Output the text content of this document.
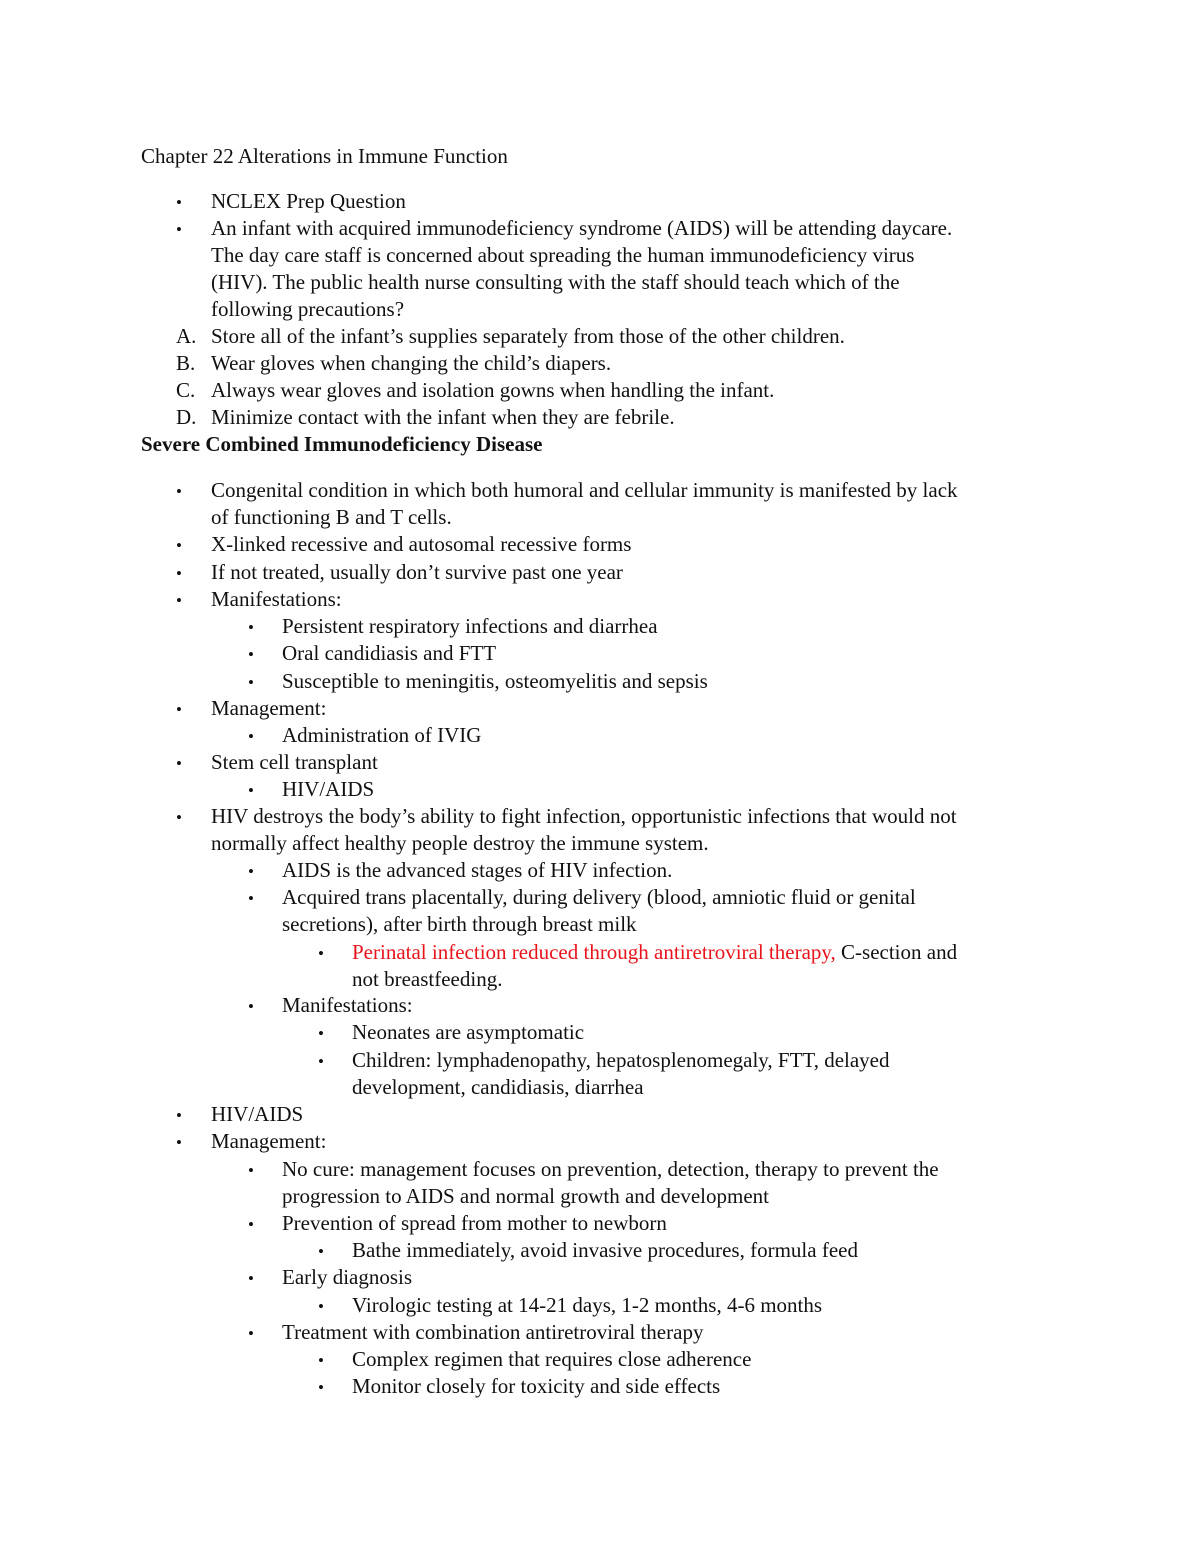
Chapter 22 Alterations in Immune Function
• NCLEX Prep Question
• An infant with acquired immunodeficiency syndrome (AIDS) will be attending daycare.
The day care staff is concerned about spreading the human immunodeficiency virus
(HIV). The public health nurse consulting with the staff should teach which of the
following precautions?
A. Store all of the infant’s supplies separately from those of the other children.
B. Wear gloves when changing the child’s diapers.
C. Always wear gloves and isolation gowns when handling the infant.
D. Minimize contact with the infant when they are febrile.
Severe Combined Immunodeficiency Disease
• Congenital condition in which both humoral and cellular immunity is manifested by lack
of functioning B and T cells.
• X-linked recessive and autosomal recessive forms
• If not treated, usually don’t survive past one year
• Manifestations:
• Persistent respiratory infections and diarrhea
• Oral candidiasis and FTT
• Susceptible to meningitis, osteomyelitis and sepsis
• Management:
• Administration of IVIG
• Stem cell transplant
• HIV/AIDS
• HIV destroys the body’s ability to fight infection, opportunistic infections that would not
normally affect healthy people destroy the immune system.
• AIDS is the advanced stages of HIV infection.
• Acquired trans placentally, during delivery (blood, amniotic fluid or genital
secretions), after birth through breast milk
• Perinatal infection reduced through antiretroviral therapy, C-section and
not breastfeeding.
• Manifestations:
• Neonates are asymptomatic
• Children: lymphadenopathy, hepatosplenomegaly, FTT, delayed
development, candidiasis, diarrhea
• HIV/AIDS
• Management:
• No cure: management focuses on prevention, detection, therapy to prevent the
progression to AIDS and normal growth and development
• Prevention of spread from mother to newborn
• Bathe immediately, avoid invasive procedures, formula feed
• Early diagnosis
• Virologic testing at 14-21 days, 1-2 months, 4-6 months
• Treatment with combination antiretroviral therapy
• Complex regimen that requires close adherence
• Monitor closely for toxicity and side effects
